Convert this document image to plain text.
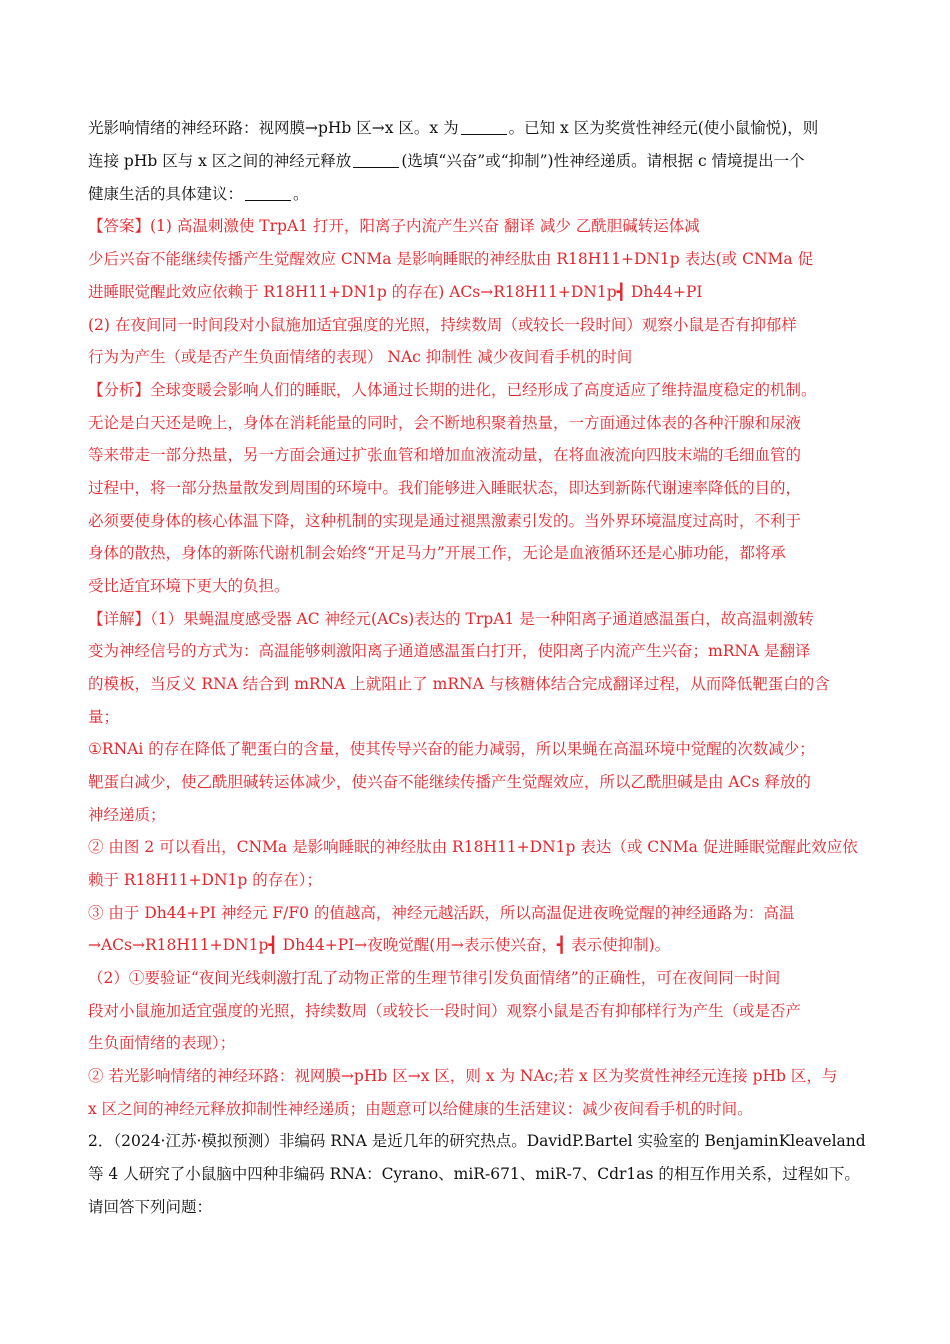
光影响情绪的神经环路：视网膜→pHb 区→x 区。x 为	。已知 x 区为奖赏性神经元(使小鼠愉悦)，则
连接 pHb 区与 x 区之间的神经元释放	(选填“兴奋”或“抑制”)性神经递质。请根据 c 情境提出一个
健康生活的具体建议：	。
【答案】(1) 高温刺激使 TrpA1 打开，阳离子内流产生兴奋 翻译 减少 乙酰胆碱转运体减
少后兴奋不能继续传播产生觉醒效应 CNMa 是影响睡眠的神经肽由 R18H11+DN1p 表达(或 CNMa 促
进睡眠觉醒此效应依赖于 R18H11+DN1p 的存在) ACs→R18H11+DN1p┫ Dh44+PI
(2) 在夜间同一时间段对小鼠施加适宜强度的光照，持续数周（或较长一段时间）观察小鼠是否有抑郁样
行为为产生（或是否产生负面情绪的表现） NAc 抑制性 减少夜间看手机的时间
【分析】全球变暖会影响人们的睡眠，人体通过长期的进化，已经形成了高度适应了维持温度稳定的机制。
无论是白天还是晚上，身体在消耗能量的同时，会不断地积聚着热量，一方面通过体表的各种汗腺和尿液
等来带走一部分热量，另一方面会通过扩张血管和增加血液流动量，在将血液流向四肢末端的毛细血管的
过程中，将一部分热量散发到周围的环境中。我们能够进入睡眠状态，即达到新陈代谢速率降低的目的，
必须要使身体的核心体温下降，这种机制的实现是通过褪黑激素引发的。当外界环境温度过高时，不利于
身体的散热，身体的新陈代谢机制会始终“开足马力”开展工作，无论是血液循环还是心肺功能，都将承
受比适宜环境下更大的负担。
【详解】（1）果蝇温度感受器 AC 神经元(ACs)表达的 TrpA1 是一种阳离子通道感温蛋白，故高温刺激转
变为神经信号的方式为：高温能够刺激阳离子通道感温蛋白打开，使阳离子内流产生兴奋；mRNA 是翻译
的模板，当反义 RNA 结合到 mRNA 上就阻止了 mRNA 与核糖体结合完成翻译过程，从而降低靶蛋白的含
量；
①RNAi 的存在降低了靶蛋白的含量，使其传导兴奋的能力减弱，所以果蝇在高温环境中觉醒的次数减少；
靶蛋白减少，使乙酰胆碱转运体减少，使兴奋不能继续传播产生觉醒效应，所以乙酰胆碱是由 ACs 释放的
神经递质；
② 由图 2 可以看出，CNMa 是影响睡眠的神经肽由 R18H11+DN1p 表达（或 CNMa 促进睡眠觉醒此效应依
赖于 R18H11+DN1p 的存在）；
③ 由于 Dh44+PI 神经元 F/F0 的值越高，神经元越活跃，所以高温促进夜晚觉醒的神经通路为：高温
→ACs→R18H11+DN1p┫ Dh44+PI→夜晚觉醒(用→表示使兴奋，┫ 表示使抑制)。
（2）①要验证“夜间光线刺激打乱了动物正常的生理节律引发负面情绪”的正确性，可在夜间同一时间
段对小鼠施加适宜强度的光照，持续数周（或较长一段时间）观察小鼠是否有抑郁样行为产生（或是否产
生负面情绪的表现）；
② 若光影响情绪的神经环路：视网膜→pHb 区→x 区，则 x 为 NAc;若 x 区为奖赏性神经元连接 pHb 区，与
x 区之间的神经元释放抑制性神经递质；由题意可以给健康的生活建议：减少夜间看手机的时间。
2．（2024·江苏·模拟预测）非编码 RNA 是近几年的研究热点。DavidP.Bartel 实验室的 BenjaminKleaveland
等 4 人研究了小鼠脑中四种非编码 RNA：Cyrano、miR-671、miR-7、Cdr1as 的相互作用关系，过程如下。
请回答下列问题：
